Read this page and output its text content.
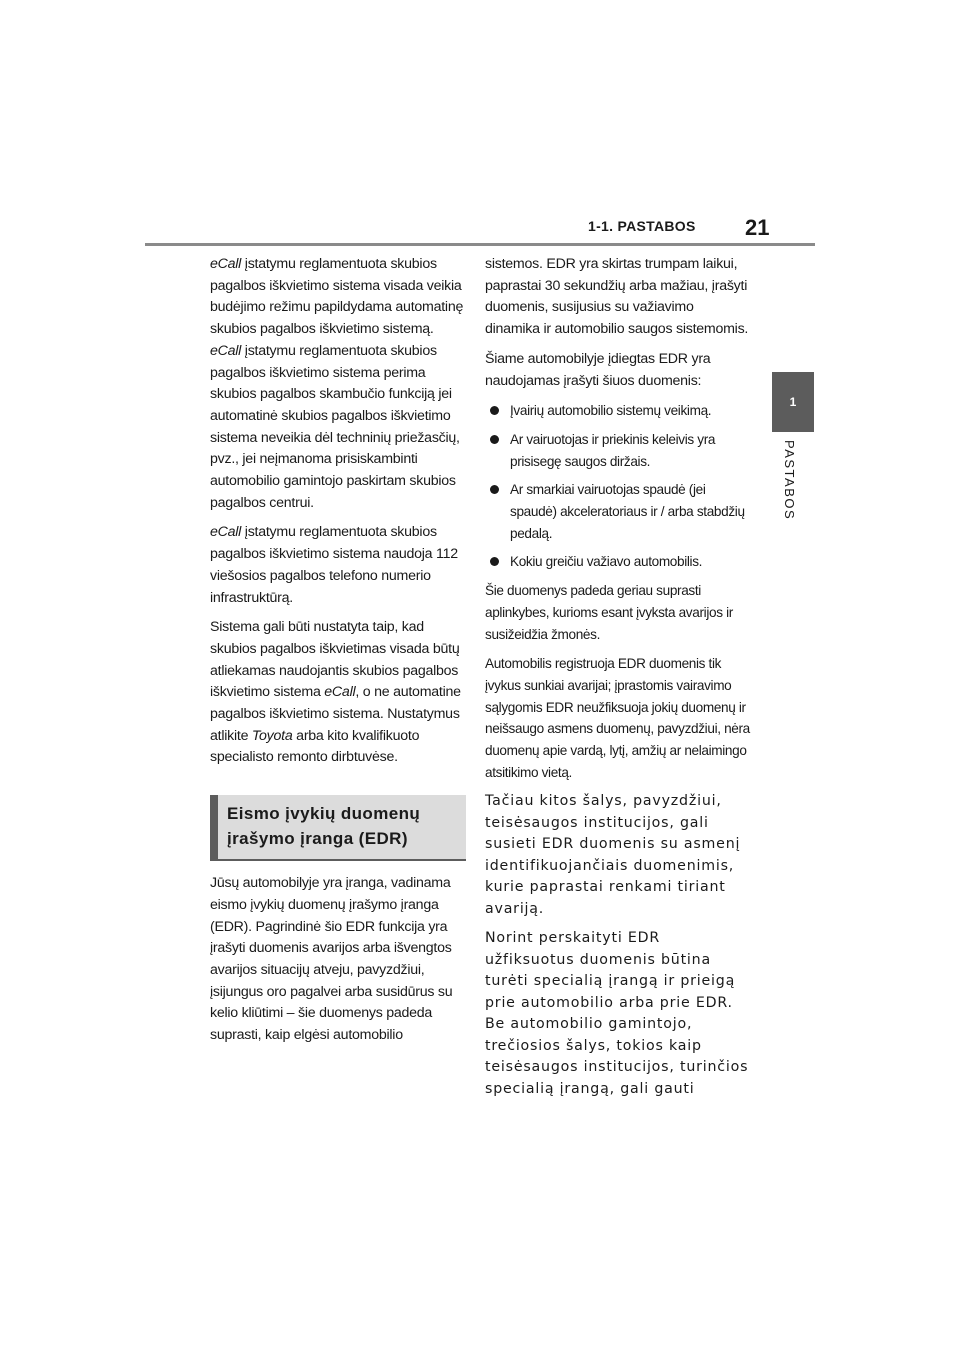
1-1. PASTABOS 21
1
PASTABOS

eCall įstatymu reglamentuota skubios pagalbos iškvietimo sistema visada veikia budėjimo režimu papildydama automatinę skubios pagalbos iškvietimo sistemą. eCall įstatymu reglamentuota skubios pagalbos iškvietimo sistema perima skubios pagalbos skambučio funkciją jei automatinė skubios pagalbos iškvietimo sistema neveikia dėl techninių priežasčių, pvz., jei neįmanoma prisiskambinti automobilio gamintojo paskirtam skubios pagalbos centrui.

eCall įstatymu reglamentuota skubios pagalbos iškvietimo sistema naudoja 112 viešosios pagalbos telefono numerio infrastruktūrą.

Sistema gali būti nustatyta taip, kad skubios pagalbos iškvietimas visada būtų atliekamas naudojantis skubios pagalbos iškvietimo sistema eCall, o ne automatine pagalbos iškvietimo sistema. Nustatymus atlikite Toyota arba kito kvalifikuoto specialisto remonto dirbtuvėse.

Eismo įvykių duomenų
įrašymo įranga (EDR)

Jūsų automobilyje yra įranga, vadinama eismo įvykių duomenų įrašymo įranga (EDR). Pagrindinė šio EDR funkcija yra įrašyti duomenis avarijos arba išvengtos avarijos situacijų atveju, pavyzdžiui, įsijungus oro pagalvei arba susidūrus su kelio kliūtimi – šie duomenys padeda suprasti, kaip elgėsi automobilio

sistemos. EDR yra skirtas trumpam laikui, paprastai 30 sekundžių arba mažiau, įrašyti duomenis, susijusius su važiavimo dinamika ir automobilio saugos sistemomis.

Šiame automobilyje įdiegtas EDR yra naudojamas įrašyti šiuos duomenis:

Įvairių automobilio sistemų veikimą.
Ar vairuotojas ir priekinis keleivis yra prisisegę saugos diržais.
Ar smarkiai vairuotojas spaudė (jei spaudė) akceleratoriaus ir / arba stabdžių pedalą.
Kokiu greičiu važiavo automobilis.

Šie duomenys padeda geriau suprasti aplinkybes, kurioms esant įvyksta avarijos ir susižeidžia žmonės.

Automobilis registruoja EDR duomenis tik įvykus sunkiai avarijai; įprastomis vairavimo sąlygomis EDR neužfiksuoja jokių duomenų ir neišsaugo asmens duomenų, pavyzdžiui, nėra duomenų apie vardą, lytį, amžių ar nelaimingo atsitikimo vietą.

Tačiau kitos šalys, pavyzdžiui, teisėsaugos institucijos, gali susieti EDR duomenis su asmenį identifikuojančiais duomenimis, kurie paprastai renkami tiriant avariją.

Norint perskaityti EDR užfiksuotus duomenis būtina turėti specialią įrangą ir prieigą prie automobilio arba prie EDR. Be automobilio gamintojo, trečiosios šalys, tokios kaip teisėsaugos institucijos, turinčios specialią įrangą, gali gauti
